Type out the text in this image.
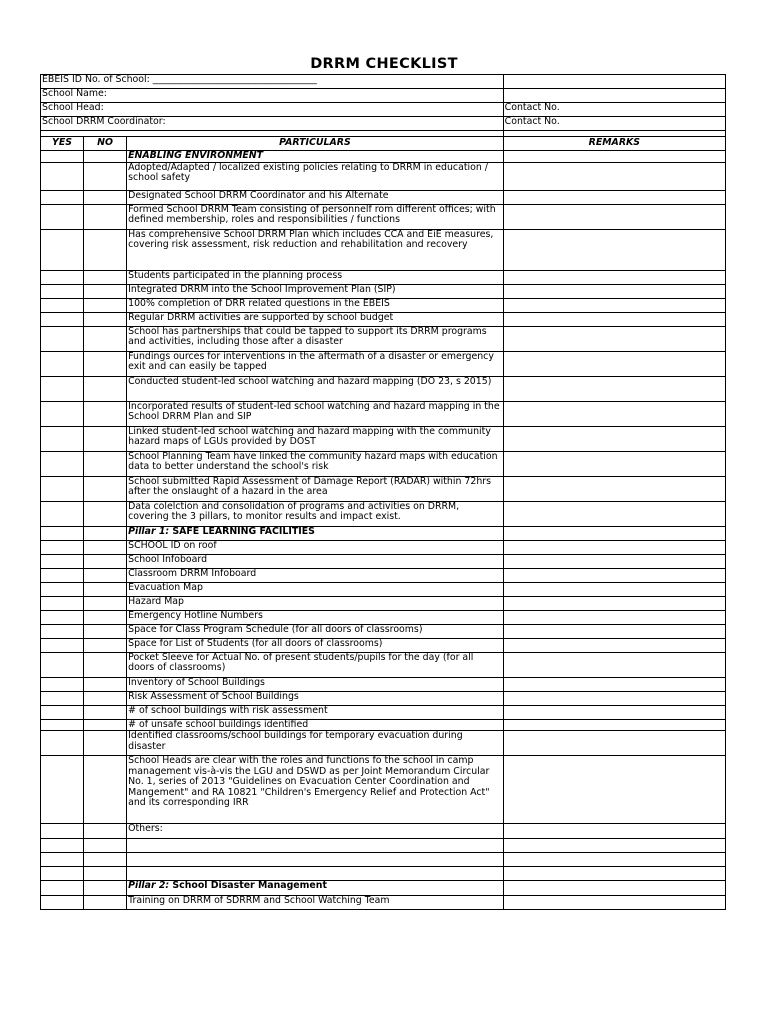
DRRM CHECKLIST
EBEIS ID No. of School: ___________________________________			
School Name:			
School Head:			Contact No.
School DRRM Coordinator:			Contact No.

YES	NO	PARTICULARS	REMARKS
		ENABLING ENVIRONMENT	
		Adopted/Adapted / localized existing policies relating to DRRM in education / school safety	
		Designated School DRRM Coordinator and his Alternate	
		Formed School DRRM Team consisting of personnelf rom different offices; with defined membership, roles and responsibilities / functions	
		Has comprehensive School DRRM Plan which includes CCA and EiE measures, covering risk assessment, risk reduction and rehabilitation and recovery	
		Students participated in the planning process	
		Integrated DRRM into the School Improvement Plan (SIP)	
		100% completion of DRR related questions in the EBEIS	
		Regular DRRM activities are supported by school budget	
		School has partnerships that could be tapped to support its DRRM programs and activities, including those after a disaster	
		Fundings ources for interventions in the aftermath of a disaster or emergency exit and can easily be tapped	
		Conducted student-led school watching and hazard mapping (DO 23, s 2015)	
		Incorporated results of student-led school watching and hazard mapping in the School DRRM Plan and SIP	
		Linked student-led school watching and hazard mapping with the community hazard maps of LGUs provided by DOST	
		School Planning Team have linked the community hazard maps with education data to better understand the school's risk	
		School submitted Rapid Assessment of Damage Report (RADAR) within 72hrs after the onslaught of a hazard in the area	
		Data colelction and consolidation of programs and activities on DRRM, covering the 3 pillars, to monitor results and impact exist.	
		Pillar 1: SAFE LEARNING FACILITIES	
		SCHOOL ID on roof	
		School Infoboard	
		Classroom DRRM Infoboard	
		Evacuation Map	
		Hazard Map	
		Emergency Hotline Numbers	
		Space for Class Program Schedule (for all doors of classrooms)	
		Space for List of Students (for all doors of classrooms)	
		Pocket Sleeve for Actual No. of present students/pupils for the day (for all doors of classrooms)	
		Inventory of School Buildings	
		Risk Assessment of School Buildings	
		# of school buildings with risk assessment	
		# of unsafe school buildings identified	
		Identified classrooms/school buildings for temporary evacuation during disaster	
		School Heads are clear with the roles and functions fo the school in camp management vis-à-vis the LGU and DSWD as per Joint Memorandum Circular No. 1, series of 2013 "Guidelines on Evacuation Center Coordination and Mangement" and RA 10821 "Children's Emergency Relief and Protection Act" and its corresponding IRR	
		Others:	

		Pillar 2: School Disaster Management	
		Training on DRRM of SDRRM and School Watching Team	
